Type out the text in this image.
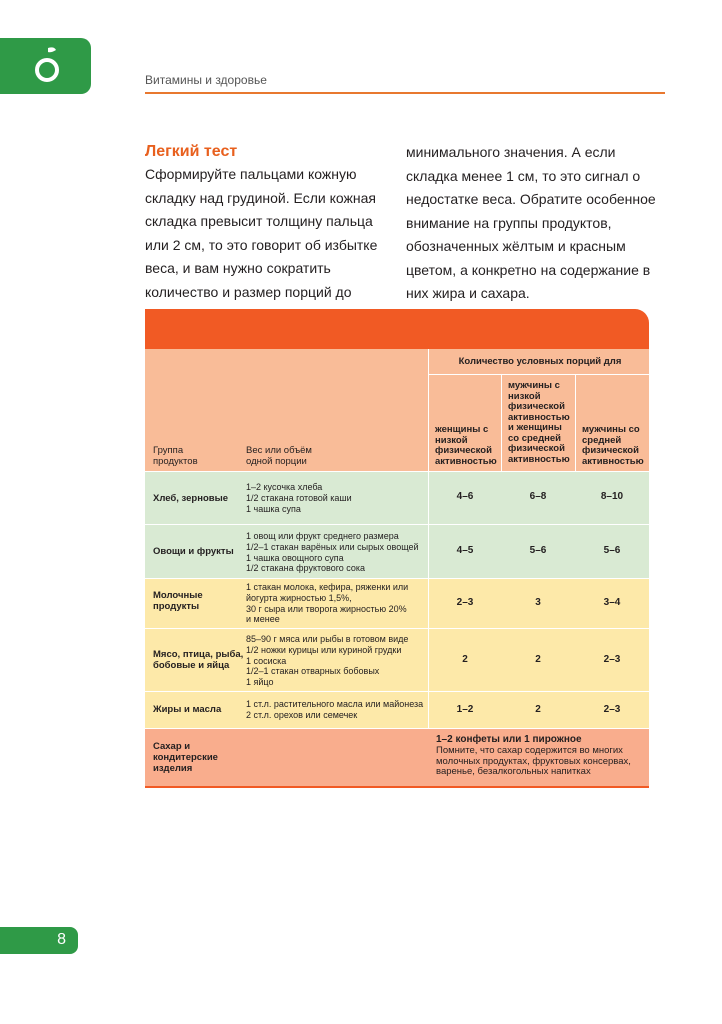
Витамины и здоровье
Легкий тест
Сформируйте пальцами кожную складку над грудиной. Если кожная складка превысит толщину пальца или 2 см, то это говорит об избытке веса, и вам нужно сократить количество и размер порций до
минимального значения. А если складка менее 1 см, то это сигнал о недостатке веса. Обратите особенное внимание на группы продуктов, обозначенных жёлтым и красным цветом, а конкретно на содержание в них жира и сахара.
Группа продуктов
Вес или объём одной порции
Количество условных порций для
женщины с низкой физической активностью
мужчины с низкой физической активностью и женщины со средней физической активностью
мужчины со средней физической активностью
Хлеб, зерновые
1–2 кусочка хлеба
1/2 стакана готовой каши
1 чашка супа
4–6	6–8	8–10
Овощи и фрукты
1 овощ или фрукт среднего размера
1/2–1 стакан варёных или сырых овощей
1 чашка овощного супа
1/2 стакана фруктового сока
4–5	5–6	5–6
Молочные продукты
1 стакан молока, кефира, ряженки или
йогурта жирностью 1,5%,
30 г сыра или творога жирностью 20%
и менее
2–3	3	3–4
Мясо, птица, рыба, бобовые и яйца
85–90 г мяса или рыбы в готовом виде
1/2 ножки курицы или куриной грудки
1 сосиска
1/2–1 стакан отварных бобовых
1 яйцо
2	2	2–3
Жиры и масла	1 ст.л. растительного масла или майонеза
2 ст.л. орехов или семечек	1–2	2	2–3
Сахар и кондитерские изделия
1–2 конфеты или 1 пирожное
Помните, что сахар содержится во многих молочных продуктах, фруктовых консервах, варенье, безалкогольных напитках
8
